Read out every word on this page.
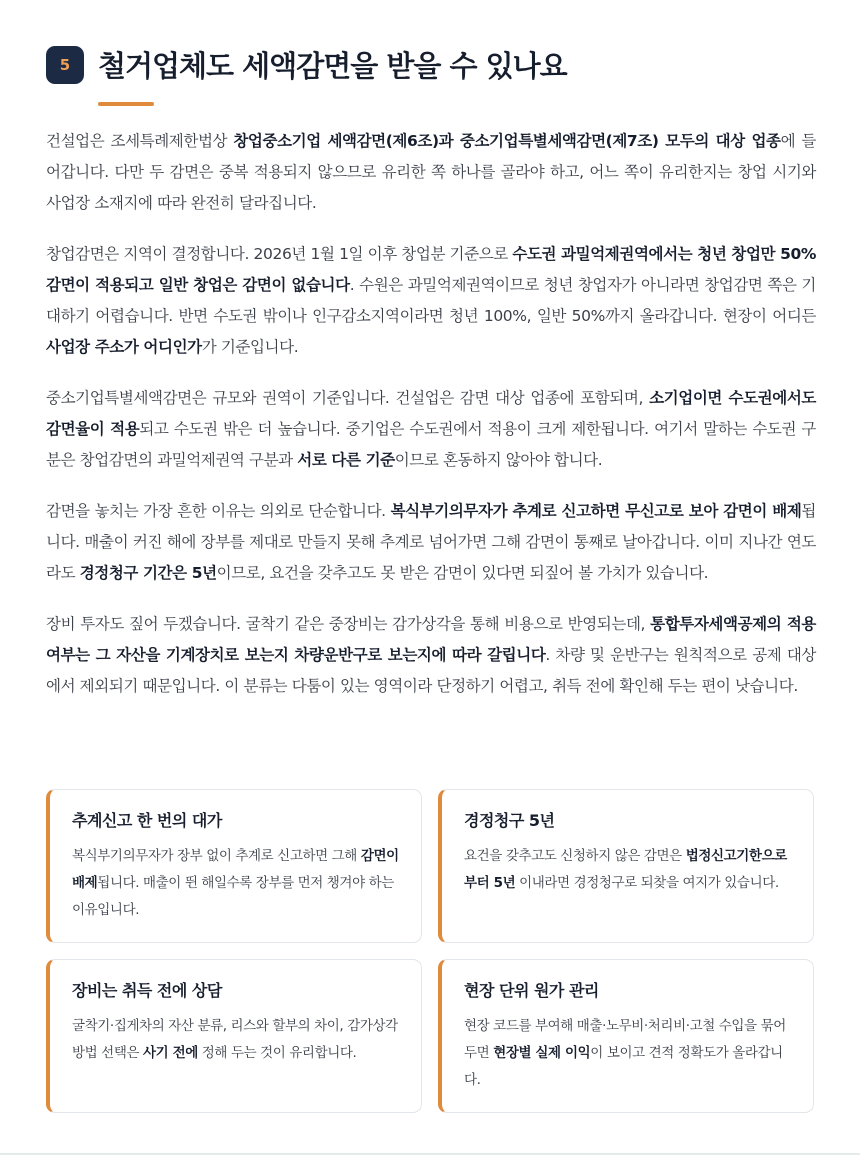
5 철거업체도 세액감면을 받을 수 있나요

건설업은 조세특례제한법상 창업중소기업 세액감면(제6조)과 중소기업특별세액감면(제7조) 모두의 대상 업종에 들어갑니다. 다만 두 감면은 중복 적용되지 않으므로 유리한 쪽 하나를 골라야 하고, 어느 쪽이 유리한지는 창업 시기와 사업장 소재지에 따라 완전히 달라집니다.

창업감면은 지역이 결정합니다. 2026년 1월 1일 이후 창업분 기준으로 수도권 과밀억제권역에서는 청년 창업만 50% 감면이 적용되고 일반 창업은 감면이 없습니다. 수원은 과밀억제권역이므로 청년 창업자가 아니라면 창업감면 쪽은 기대하기 어렵습니다. 반면 수도권 밖이나 인구감소지역이라면 청년 100%, 일반 50%까지 올라갑니다. 현장이 어디든 사업장 주소가 어디인가가 기준입니다.

중소기업특별세액감면은 규모와 권역이 기준입니다. 건설업은 감면 대상 업종에 포함되며, 소기업이면 수도권에서도 감면율이 적용되고 수도권 밖은 더 높습니다. 중기업은 수도권에서 적용이 크게 제한됩니다. 여기서 말하는 수도권 구분은 창업감면의 과밀억제권역 구분과 서로 다른 기준이므로 혼동하지 않아야 합니다.

감면을 놓치는 가장 흔한 이유는 의외로 단순합니다. 복식부기의무자가 추계로 신고하면 무신고로 보아 감면이 배제됩니다. 매출이 커진 해에 장부를 제대로 만들지 못해 추계로 넘어가면 그해 감면이 통째로 날아갑니다. 이미 지나간 연도라도 경정청구 기간은 5년이므로, 요건을 갖추고도 못 받은 감면이 있다면 되짚어 볼 가치가 있습니다.

장비 투자도 짚어 두겠습니다. 굴착기 같은 중장비는 감가상각을 통해 비용으로 반영되는데, 통합투자세액공제의 적용 여부는 그 자산을 기계장치로 보는지 차량운반구로 보는지에 따라 갈립니다. 차량 및 운반구는 원칙적으로 공제 대상에서 제외되기 때문입니다. 이 분류는 다툼이 있는 영역이라 단정하기 어렵고, 취득 전에 확인해 두는 편이 낫습니다.

추계신고 한 번의 대가

복식부기의무자가 장부 없이 추계로 신고하면 그해 감면이 배제됩니다. 매출이 뛴 해일수록 장부를 먼저 챙겨야 하는 이유입니다.

경정청구 5년

요건을 갖추고도 신청하지 않은 감면은 법정신고기한으로부터 5년 이내라면 경정청구로 되찾을 여지가 있습니다.

장비는 취득 전에 상담

굴착기·집게차의 자산 분류, 리스와 할부의 차이, 감가상각 방법 선택은 사기 전에 정해 두는 것이 유리합니다.

현장 단위 원가 관리

현장 코드를 부여해 매출·노무비·처리비·고철 수입을 묶어 두면 현장별 실제 이익이 보이고 견적 정확도가 올라갑니다.
